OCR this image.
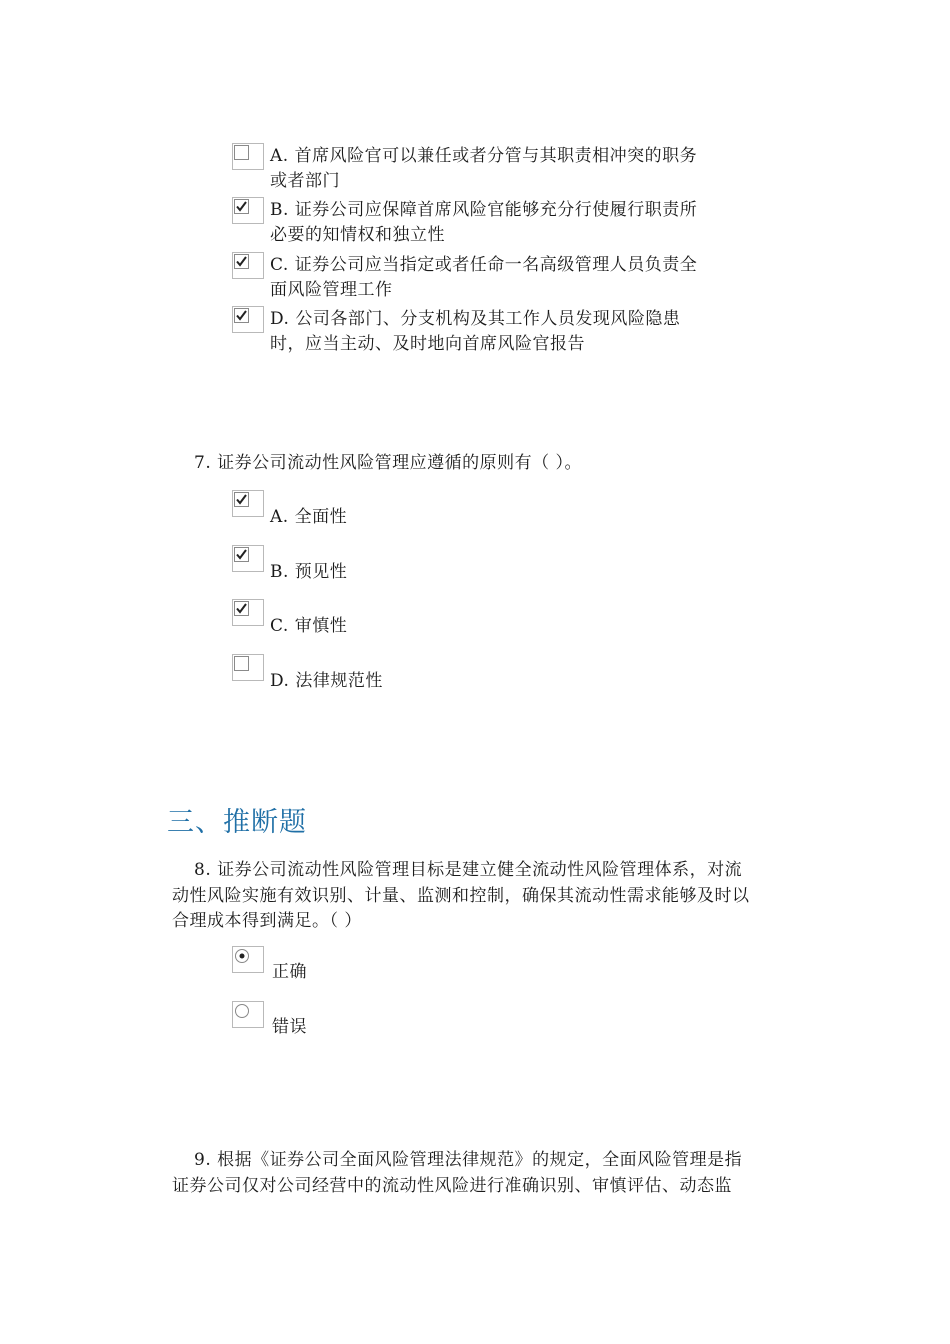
A. 首席风险官可以兼任或者分管与其职责相冲突的职务
或者部门
B. 证券公司应保障首席风险官能够充分行使履行职责所
必要的知情权和独立性
C. 证券公司应当指定或者任命一名高级管理人员负责全
面风险管理工作
D. 公司各部门、分支机构及其工作人员发现风险隐患
时，应当主动、及时地向首席风险官报告
7. 证券公司流动性风险管理应遵循的原则有（ ）。
A. 全面性
B. 预见性
C. 审慎性
D. 法律规范性
三、推断题
8. 证券公司流动性风险管理目标是建立健全流动性风险管理体系，对流
动性风险实施有效识别、计量、监测和控制，确保其流动性需求能够及时以
合理成本得到满足。（ ）
正确
错误
9. 根据《证券公司全面风险管理法律规范》的规定，全面风险管理是指
证券公司仅对公司经营中的流动性风险进行准确识别、审慎评估、动态监
